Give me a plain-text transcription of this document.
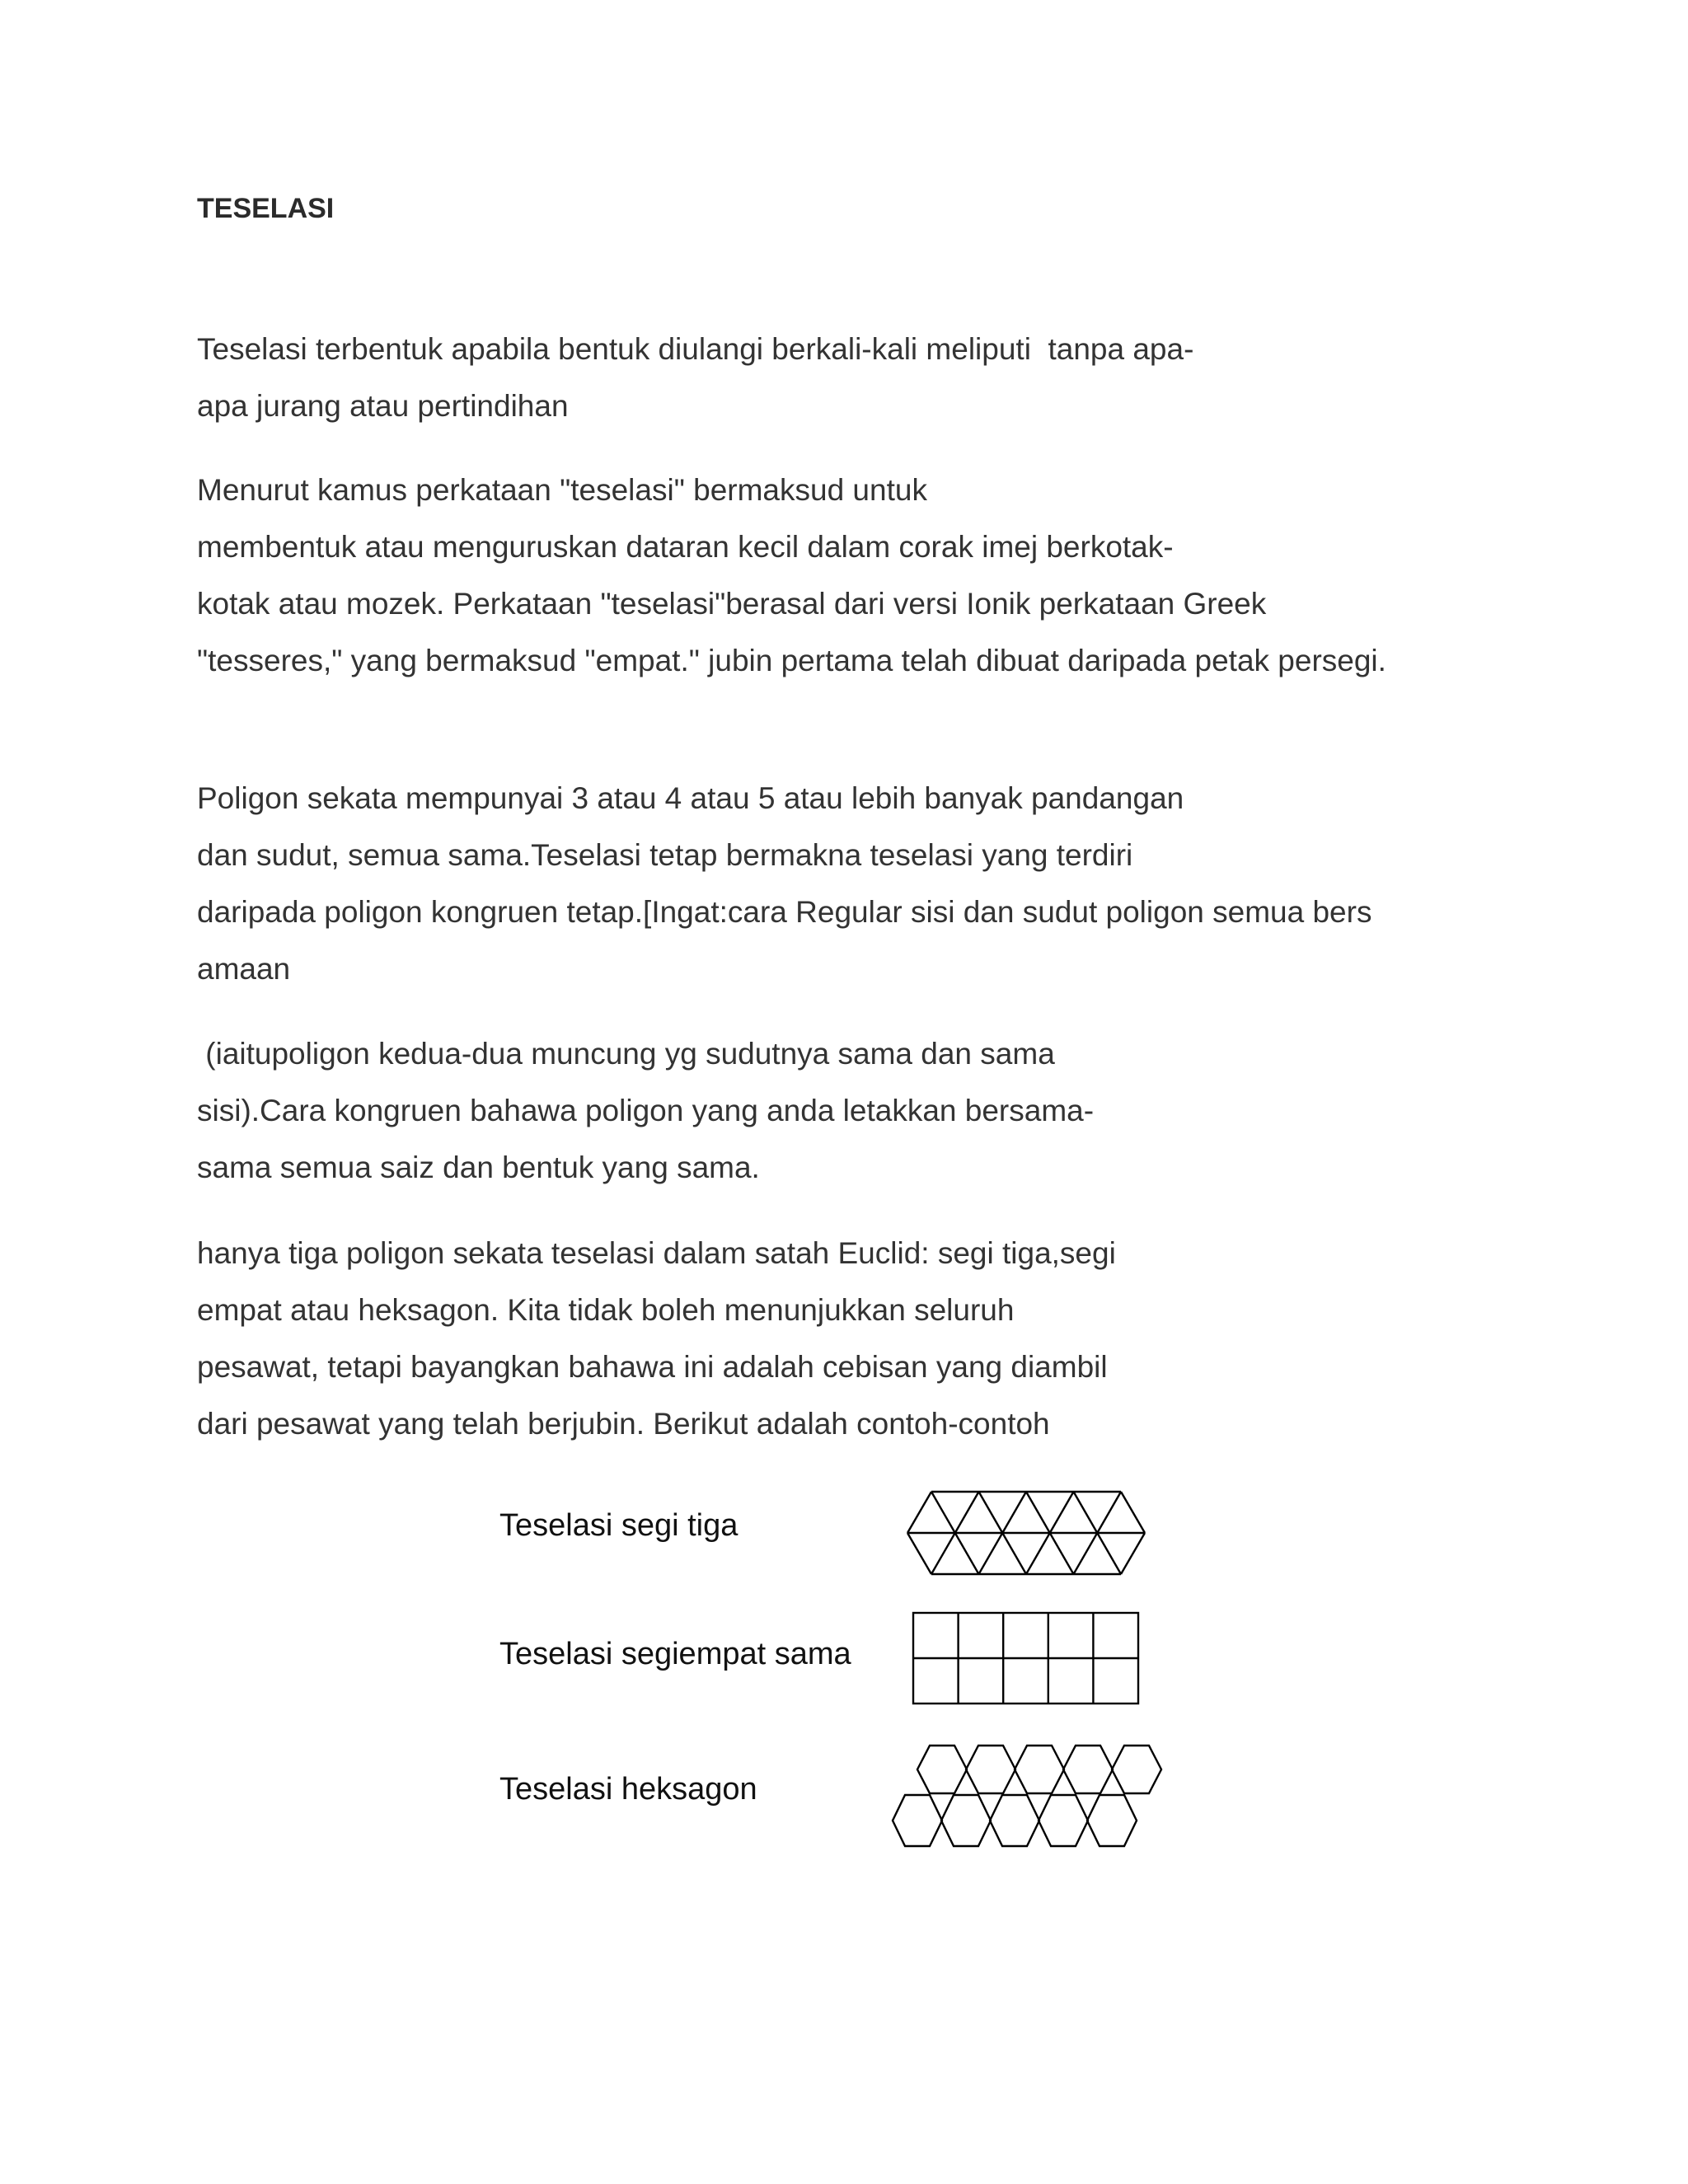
TESELASI
Teselasi terbentuk apabila bentuk diulangi berkali-kali meliputi  tanpa apa-
apa jurang atau pertindihan
Menurut kamus perkataan "teselasi" bermaksud untuk
membentuk atau menguruskan dataran kecil dalam corak imej berkotak-
kotak atau mozek. Perkataan "teselasi"berasal dari versi Ionik perkataan Greek
"tesseres," yang bermaksud "empat." jubin pertama telah dibuat daripada petak persegi.
Poligon sekata mempunyai 3 atau 4 atau 5 atau lebih banyak pandangan
dan sudut, semua sama.Teselasi tetap bermakna teselasi yang terdiri
daripada poligon kongruen tetap.[Ingat:cara Regular sisi dan sudut poligon semua bers
amaan
(iaitupoligon kedua-dua muncung yg sudutnya sama dan sama
sisi).Cara kongruen bahawa poligon yang anda letakkan bersama-
sama semua saiz dan bentuk yang sama.
hanya tiga poligon sekata teselasi dalam satah Euclid: segi tiga,segi
empat atau heksagon. Kita tidak boleh menunjukkan seluruh
pesawat, tetapi bayangkan bahawa ini adalah cebisan yang diambil
dari pesawat yang telah berjubin. Berikut adalah contoh-contoh
Teselasi segi tiga
Teselasi segiempat sama
Teselasi heksagon
